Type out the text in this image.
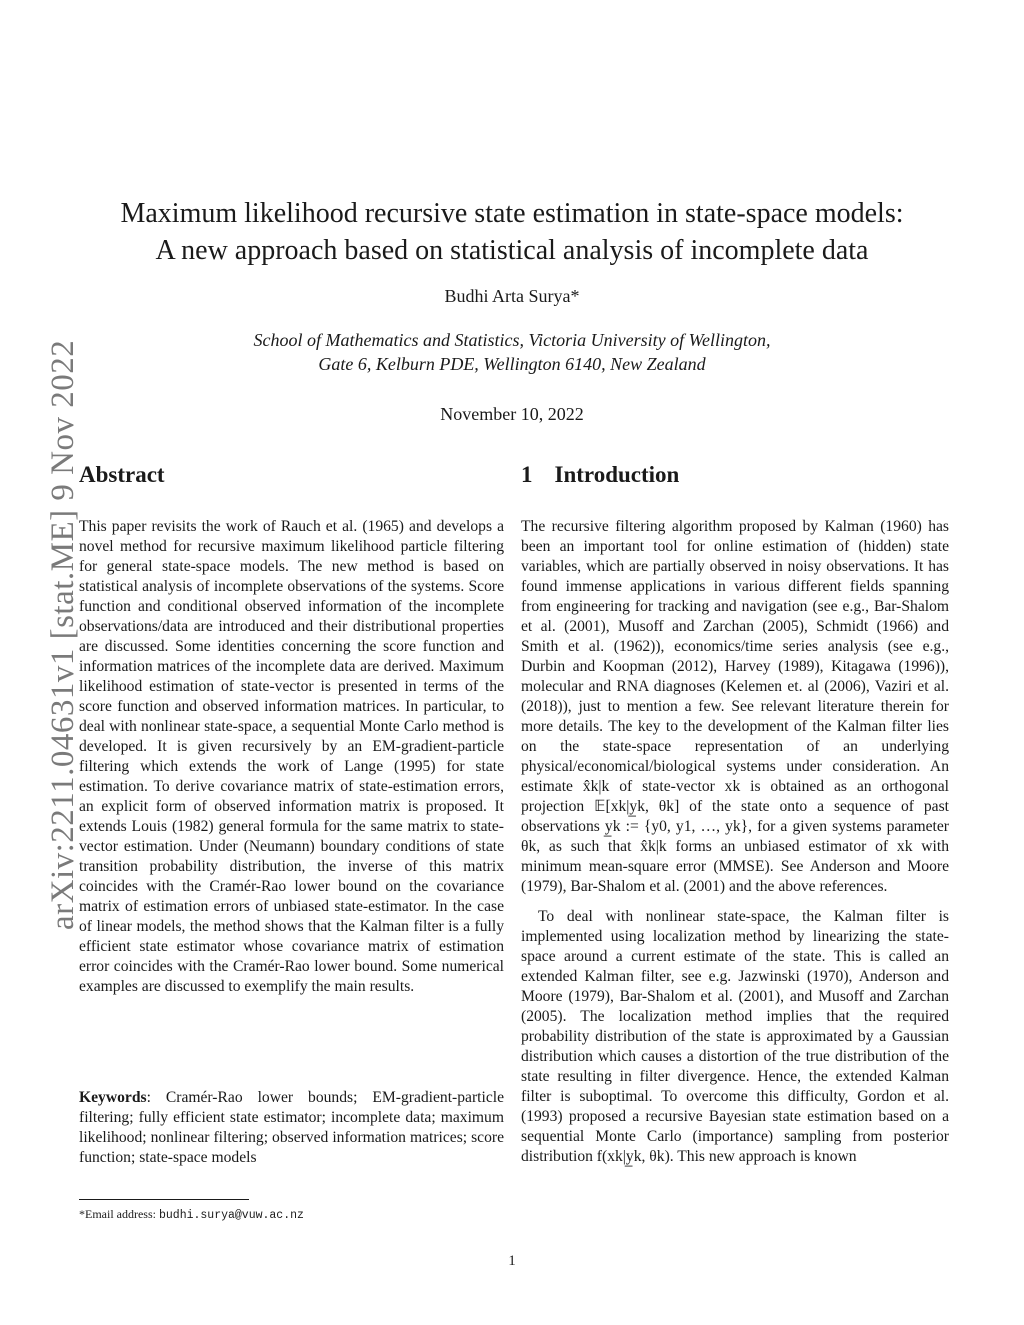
arXiv:2211.04631v1 [stat.ME] 9 Nov 2022
Maximum likelihood recursive state estimation in state-space models:
A new approach based on statistical analysis of incomplete data
Budhi Arta Surya*
School of Mathematics and Statistics, Victoria University of Wellington,
Gate 6, Kelburn PDE, Wellington 6140, New Zealand
November 10, 2022
Abstract	1 Introduction

This paper revisits the work of Rauch et al. (1965) and develops a novel method for recursive maximum likelihood particle filtering for general state-space models. The new method is based on statistical analysis of incomplete observations of the systems. Score function and conditional observed information of the incomplete observations/data are introduced and their distributional properties are discussed. Some identities concerning the score function and information matrices of the incomplete data are derived. Maximum likelihood estimation of state-vector is presented in terms of the score function and observed information matrices. In particular, to deal with nonlinear state-space, a sequential Monte Carlo method is developed. It is given recursively by an EM-gradient-particle filtering which extends the work of Lange (1995) for state estimation. To derive covariance matrix of state-estimation errors, an explicit form of observed information matrix is proposed. It extends Louis (1982) general formula for the same matrix to state-vector estimation. Under (Neumann) boundary conditions of state transition probability distribution, the inverse of this matrix coincides with the Cramér-Rao lower bound on the covariance matrix of estimation errors of unbiased state-estimator. In the case of linear models, the method shows that the Kalman filter is a fully efficient state estimator whose covariance matrix of estimation error coincides with the Cramér-Rao lower bound. Some numerical examples are discussed to exemplify the main results.

Keywords: Cramér-Rao lower bounds; EM-gradient-particle filtering; fully efficient state estimator; incomplete data; maximum likelihood; nonlinear filtering; observed information matrices; score function; state-space models

The recursive filtering algorithm proposed by Kalman (1960) has been an important tool for online estimation of (hidden) state variables, which are partially observed in noisy observations. It has found immense applications in various different fields spanning from engineering for tracking and navigation (see e.g., Bar-Shalom et al. (2001), Musoff and Zarchan (2005), Schmidt (1966) and Smith et al. (1962)), economics/time series analysis (see e.g., Durbin and Koopman (2012), Harvey (1989), Kitagawa (1996)), molecular and RNA diagnoses (Kelemen et. al (2006), Vaziri et al. (2018)), just to mention a few. See relevant literature therein for more details. The key to the development of the Kalman filter lies on the state-space representation of an underlying physical/economical/biological systems under consideration. An estimate x̂k|k of state-vector xk is obtained as an orthogonal projection 𝔼[xk|y̲k, θk] of the state onto a sequence of past observations y̲k := {y0, y1, …, yk}, for a given systems parameter θk, as such that x̂k|k forms an unbiased estimator of xk with minimum mean-square error (MMSE). See Anderson and Moore (1979), Bar-Shalom et al. (2001) and the above references.

To deal with nonlinear state-space, the Kalman filter is implemented using localization method by linearizing the state-space around a current estimate of the state. This is called an extended Kalman filter, see e.g. Jazwinski (1970), Anderson and Moore (1979), Bar-Shalom et al. (2001), and Musoff and Zarchan (2005). The localization method implies that the required probability distribution of the state is approximated by a Gaussian distribution which causes a distortion of the true distribution of the state resulting in filter divergence. Hence, the extended Kalman filter is suboptimal. To overcome this difficulty, Gordon et al. (1993) proposed a recursive Bayesian state estimation based on a sequential Monte Carlo (importance) sampling from posterior distribution f(xk|y̲k, θk). This new approach is known

*Email address: budhi.surya@vuw.ac.nz
1
